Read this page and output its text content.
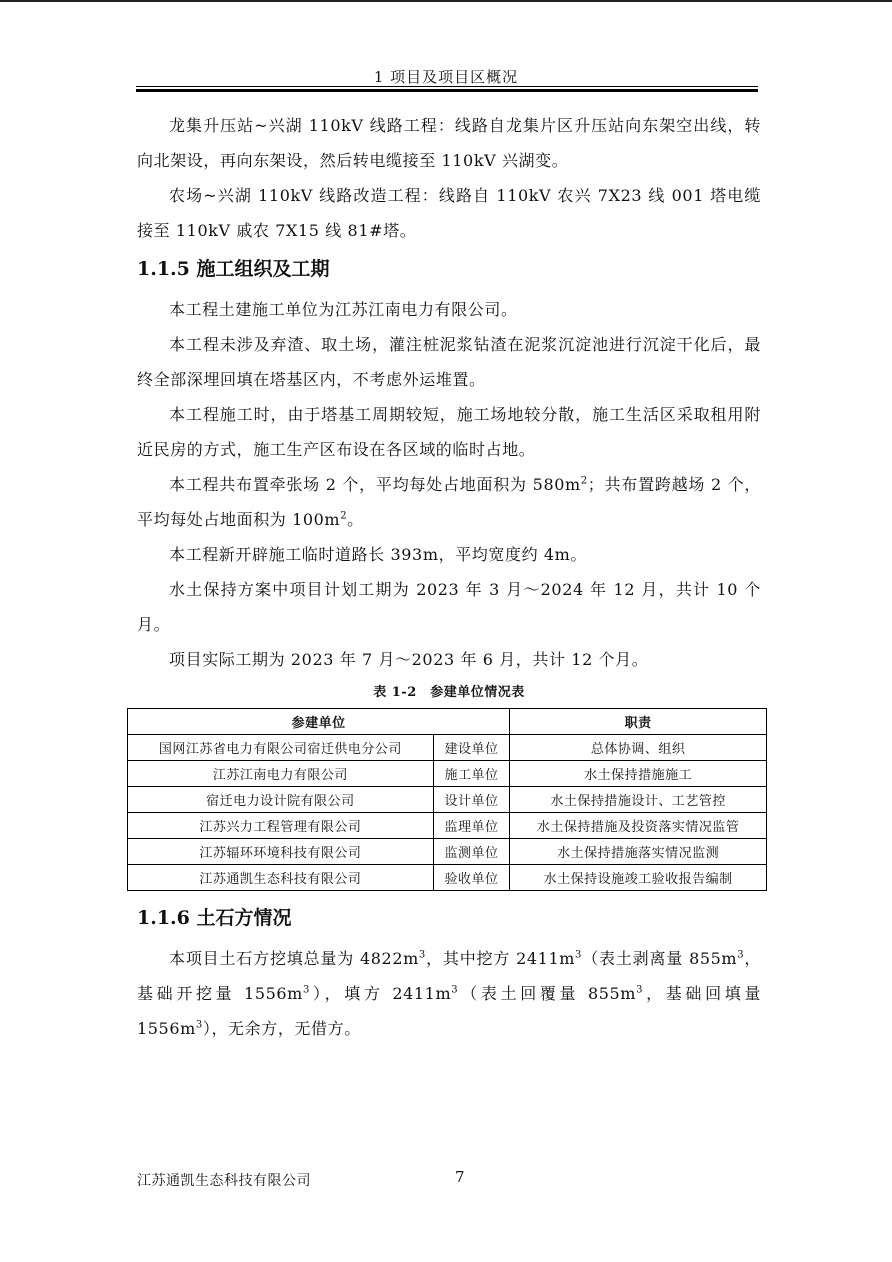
1 项目及项目区概况

龙集升压站~兴湖 110kV 线路工程：线路自龙集片区升压站向东架空出线，转向北架设，再向东架设，然后转电缆接至 110kV 兴湖变。

农场~兴湖 110kV 线路改造工程：线路自 110kV 农兴 7X23 线 001 塔电缆接至 110kV 戚农 7X15 线 81#塔。

1.1.5 施工组织及工期

本工程土建施工单位为江苏江南电力有限公司。

本工程未涉及弃渣、取土场，灌注桩泥浆钻渣在泥浆沉淀池进行沉淀干化后，最终全部深埋回填在塔基区内，不考虑外运堆置。

本工程施工时，由于塔基工周期较短，施工场地较分散，施工生活区采取租用附近民房的方式，施工生产区布设在各区域的临时占地。

本工程共布置牵张场 2 个，平均每处占地面积为 $580m^2$；共布置跨越场 2 个，平均每处占地面积为 $100m^2$。

本工程新开辟施工临时道路长 393m，平均宽度约 4m。

水土保持方案中项目计划工期为 2023 年 3 月～2024 年 12 月，共计 10 个月。

项目实际工期为 2023 年 7 月～2023 年 6 月，共计 12 个月。

表 1-2　参建单位情况表
参建单位		职责
国网江苏省电力有限公司宿迁供电分公司	建设单位	总体协调、组织
江苏江南电力有限公司	施工单位	水土保持措施施工
宿迁电力设计院有限公司	设计单位	水土保持措施设计、工艺管控
江苏兴力工程管理有限公司	监理单位	水土保持措施及投资落实情况监管
江苏辐环环境科技有限公司	监测单位	水土保持措施落实情况监测
江苏通凯生态科技有限公司	验收单位	水土保持设施竣工验收报告编制
1.1.6 土石方情况

本项目土石方挖填总量为 $4822m^3$，其中挖方 $2411m^3$（表土剥离量 $855m^3$，基础开挖量 $1556m^3$），填方 $2411m^3$（表土回覆量 $855m^3$，基础回填量 $1556m^3$），无余方，无借方。

江苏通凯生态科技有限公司	7
